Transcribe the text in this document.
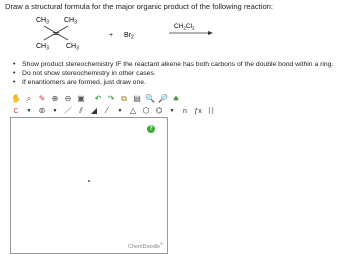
Draw a structural formula for the major organic product of the following reaction:
$CH_3$ $CH_3$
$CH_3$ $CH_3$
+ $Br_2$
$CH_2Cl_2$
• Show product stereochemistry IF the reactant alkene has both carbons of the double bond within a ring.
• Do not show stereochemistry in other cases.
• If enantiomers are formed, just draw one.
✋ ⌕ ✎ ⊕ ⊖ ▣	↶ ↷ ⧉ ▤ 🔍 🔎 ♣
C	▼ ⊚	▼ ／ ⫽	◢	⁄	▼ △ ⬡ ⌬	▼	n	ƒx	[ ]
ChemDoodle®
?
